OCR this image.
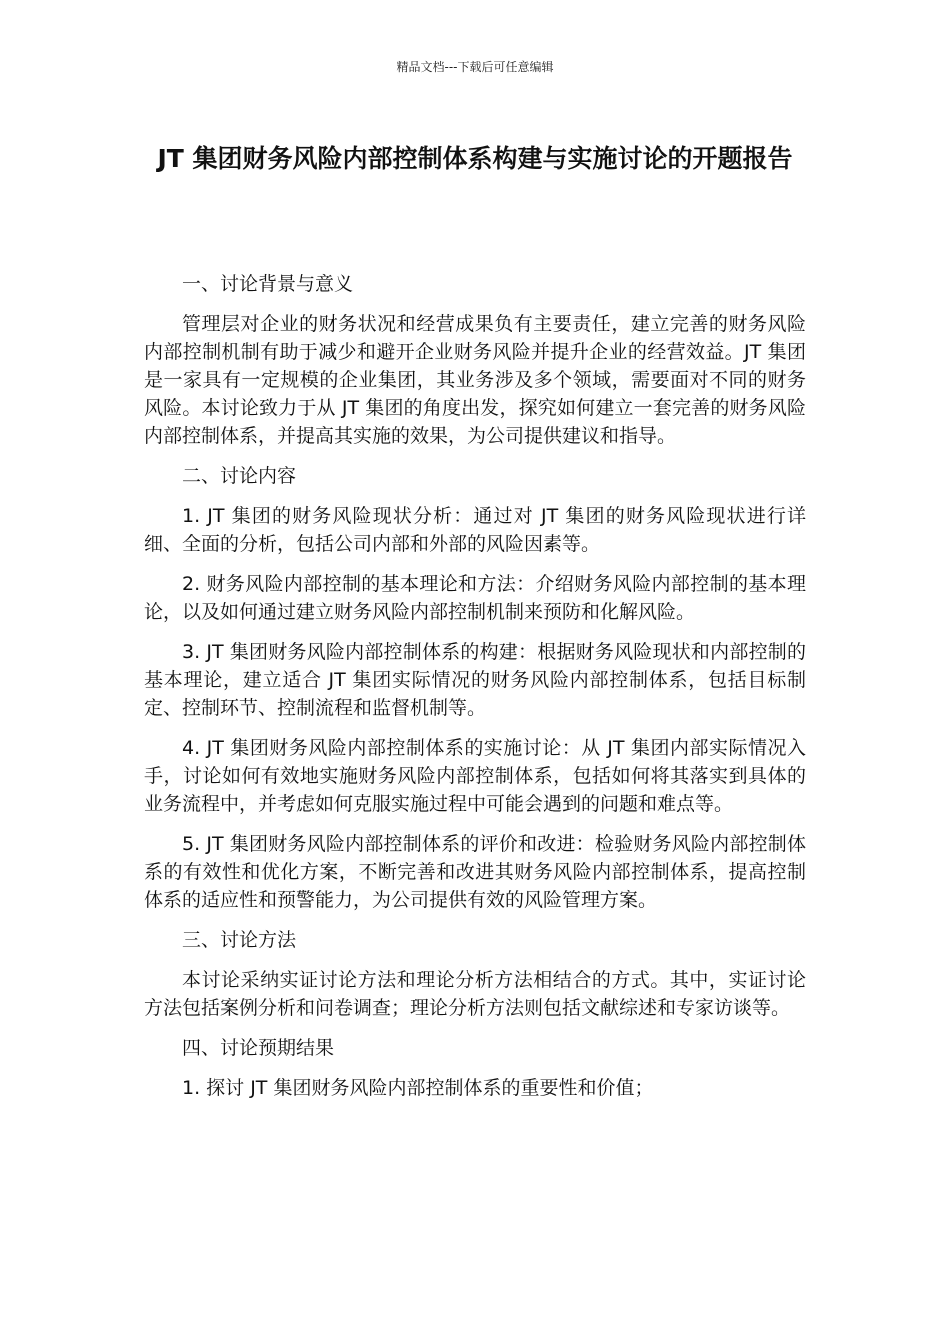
精品文档---下载后可任意编辑
JT 集团财务风险内部控制体系构建与实施讨论的开题报告

一、讨论背景与意义

管理层对企业的财务状况和经营成果负有主要责任，建立完善的财务风险内部控制机制有助于减少和避开企业财务风险并提升企业的经营效益。JT 集团是一家具有一定规模的企业集团，其业务涉及多个领域，需要面对不同的财务风险。本讨论致力于从 JT 集团的角度出发，探究如何建立一套完善的财务风险内部控制体系，并提高其实施的效果，为公司提供建议和指导。

二、讨论内容

1. JT 集团的财务风险现状分析：通过对 JT 集团的财务风险现状进行详细、全面的分析，包括公司内部和外部的风险因素等。

2. 财务风险内部控制的基本理论和方法：介绍财务风险内部控制的基本理论，以及如何通过建立财务风险内部控制机制来预防和化解风险。

3. JT 集团财务风险内部控制体系的构建：根据财务风险现状和内部控制的基本理论，建立适合 JT 集团实际情况的财务风险内部控制体系，包括目标制定、控制环节、控制流程和监督机制等。

4. JT 集团财务风险内部控制体系的实施讨论：从 JT 集团内部实际情况入手，讨论如何有效地实施财务风险内部控制体系，包括如何将其落实到具体的业务流程中，并考虑如何克服实施过程中可能会遇到的问题和难点等。

5. JT 集团财务风险内部控制体系的评价和改进：检验财务风险内部控制体系的有效性和优化方案，不断完善和改进其财务风险内部控制体系，提高控制体系的适应性和预警能力，为公司提供有效的风险管理方案。

三、讨论方法

本讨论采纳实证讨论方法和理论分析方法相结合的方式。其中，实证讨论方法包括案例分析和问卷调查；理论分析方法则包括文献综述和专家访谈等。

四、讨论预期结果

1. 探讨 JT 集团财务风险内部控制体系的重要性和价值；
